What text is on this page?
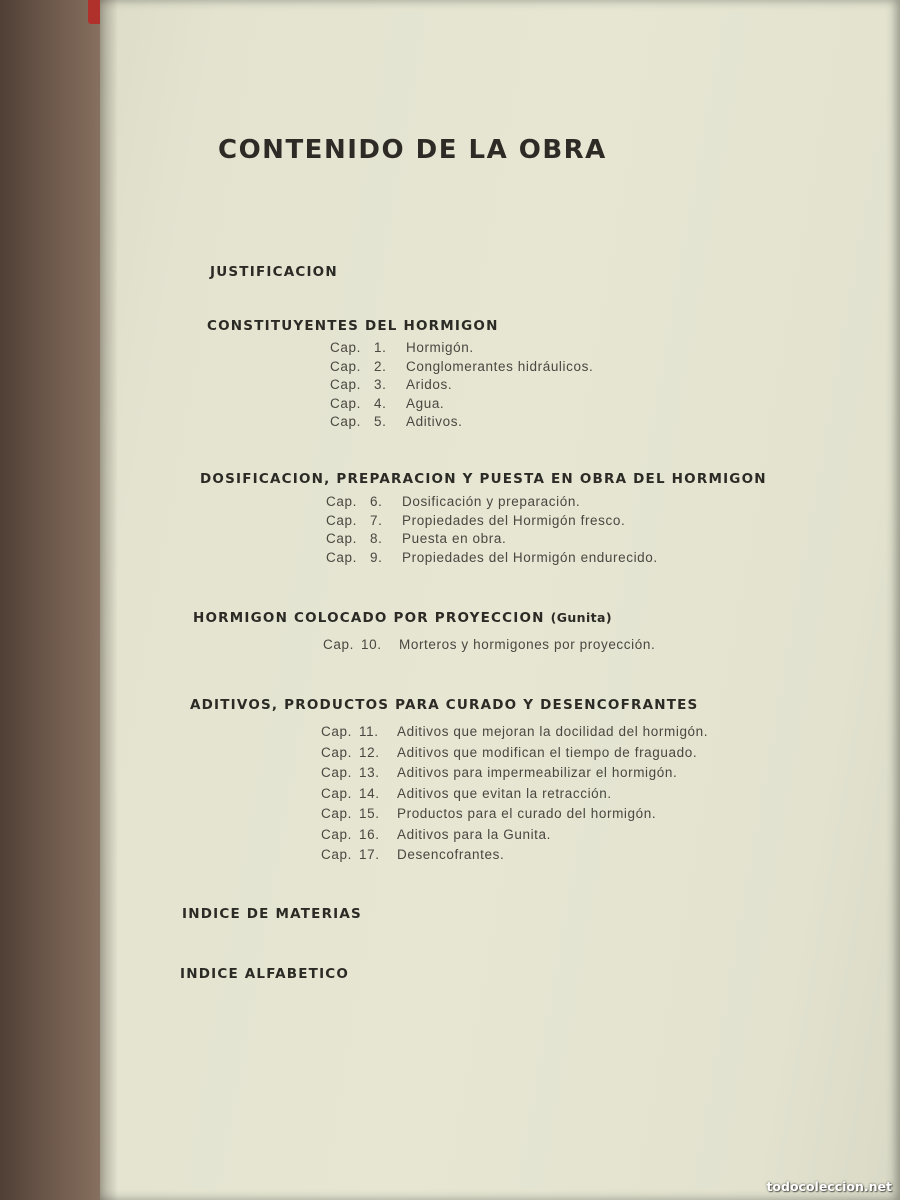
CONTENIDO DE LA OBRA
JUSTIFICACION
CONSTITUYENTES DEL HORMIGON
Cap. 1.	Hormigón.
Cap. 2.	Conglomerantes hidráulicos.
Cap. 3.	Aridos.
Cap. 4.	Agua.
Cap. 5.	Aditivos.
DOSIFICACION, PREPARACION Y PUESTA EN OBRA DEL HORMIGON
Cap. 6.	Dosificación y preparación.
Cap. 7.	Propiedades del Hormigón fresco.
Cap. 8.	Puesta en obra.
Cap. 9.	Propiedades del Hormigón endurecido.
HORMIGON COLOCADO POR PROYECCION (Gunita)
Cap. 10.	Morteros y hormigones por proyección.
ADITIVOS, PRODUCTOS PARA CURADO Y DESENCOFRANTES
Cap. 11.	Aditivos que mejoran la docilidad del hormigón.
Cap. 12.	Aditivos que modifican el tiempo de fraguado.
Cap. 13.	Aditivos para impermeabilizar el hormigón.
Cap. 14.	Aditivos que evitan la retracción.
Cap. 15.	Productos para el curado del hormigón.
Cap. 16.	Aditivos para la Gunita.
Cap. 17.	Desencofrantes.
INDICE DE MATERIAS
INDICE ALFABETICO
todocoleccion.net
